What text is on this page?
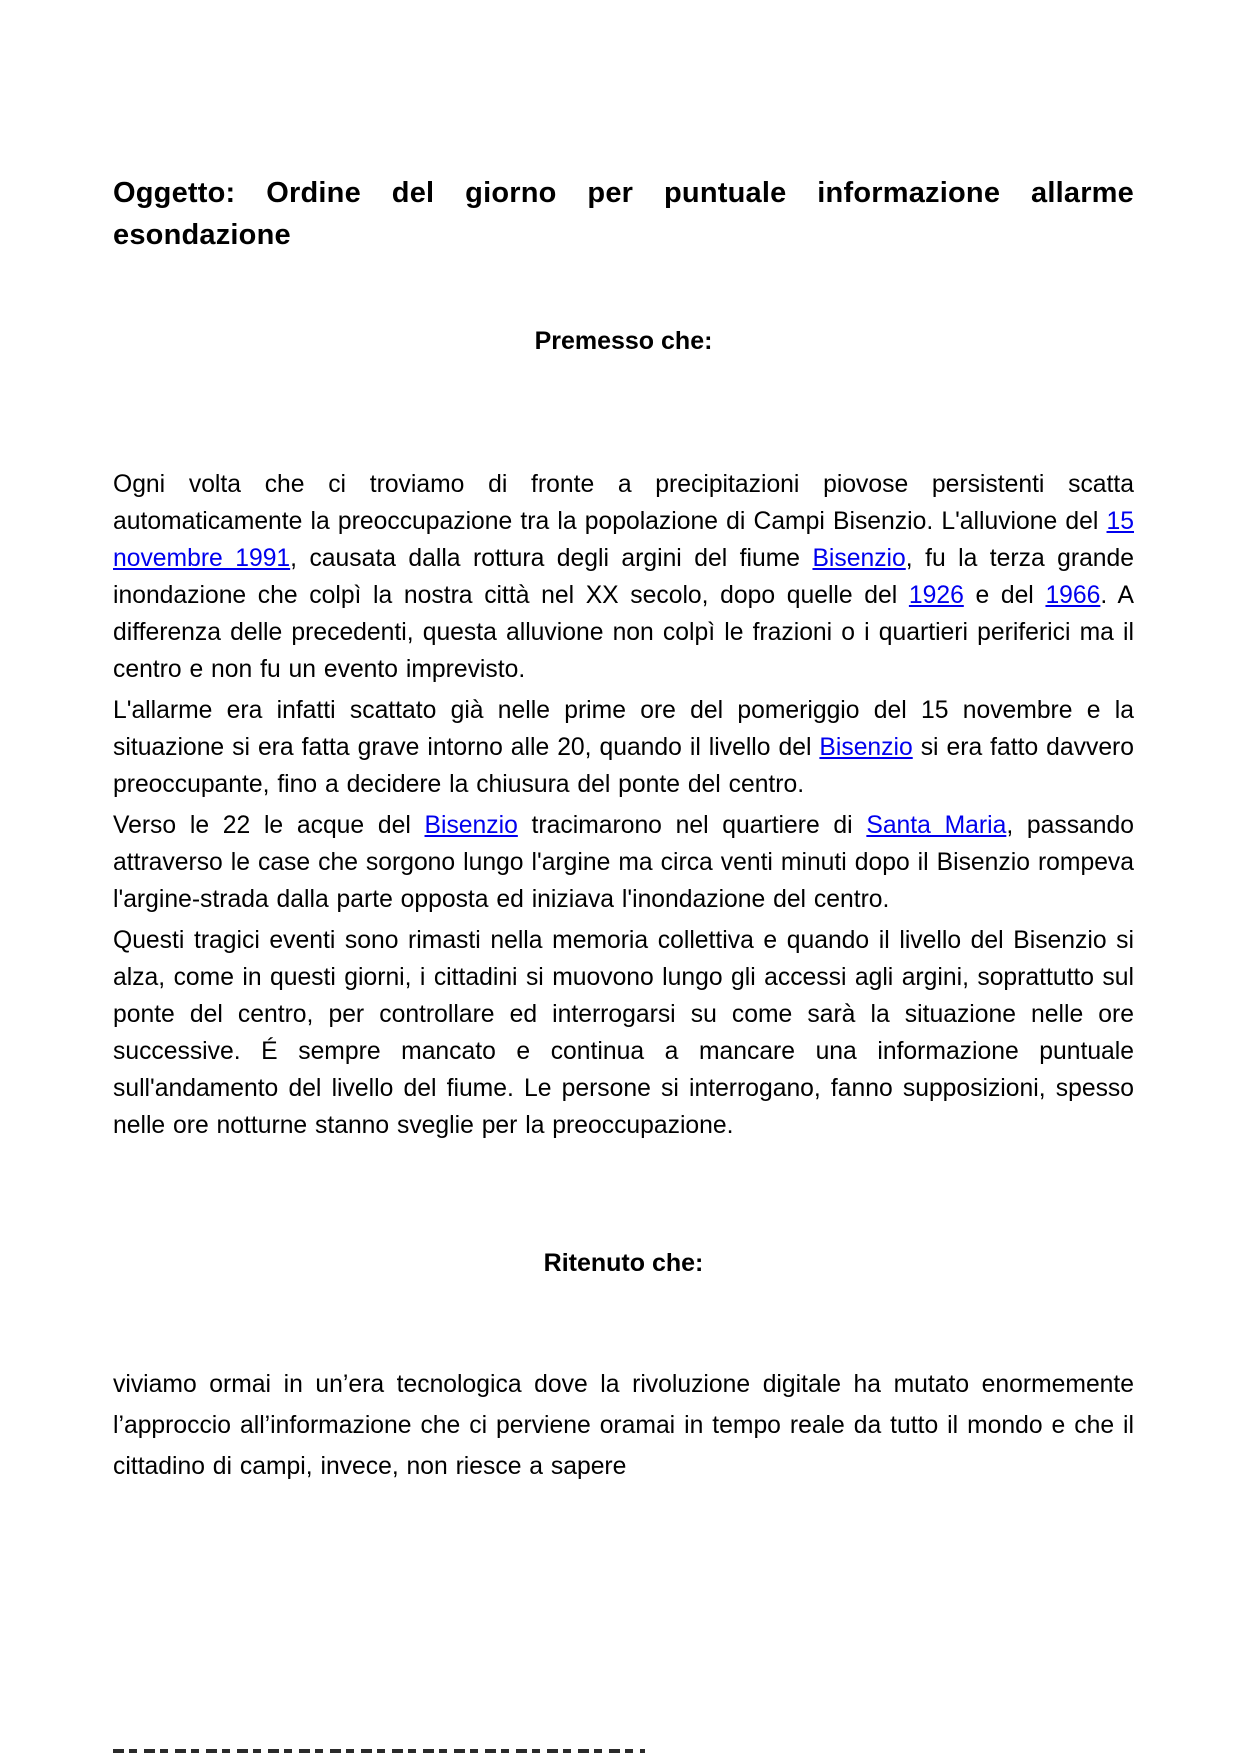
Oggetto: Ordine del giorno per puntuale informazione allarme esondazione
Premesso che:

Ogni volta che ci troviamo di fronte a precipitazioni piovose persistenti scatta automaticamente la preoccupazione tra la popolazione di Campi Bisenzio. L'alluvione del 15 novembre 1991, causata dalla rottura degli argini del fiume Bisenzio, fu la terza grande inondazione che colpì la nostra città nel XX secolo, dopo quelle del 1926 e del 1966. A differenza delle precedenti, questa alluvione non colpì le frazioni o i quartieri periferici ma il centro e non fu un evento imprevisto.

L'allarme era infatti scattato già nelle prime ore del pomeriggio del 15 novembre e la situazione si era fatta grave intorno alle 20, quando il livello del Bisenzio si era fatto davvero preoccupante, fino a decidere la chiusura del ponte del centro.

Verso le 22 le acque del Bisenzio tracimarono nel quartiere di Santa Maria, passando attraverso le case che sorgono lungo l'argine ma circa venti minuti dopo il Bisenzio rompeva l'argine-strada dalla parte opposta ed iniziava l'inondazione del centro.

Questi tragici eventi sono rimasti nella memoria collettiva e quando il livello del Bisenzio si alza, come in questi giorni, i cittadini si muovono lungo gli accessi agli argini, soprattutto sul ponte del centro, per controllare ed interrogarsi su come sarà la situazione nelle ore successive. É sempre mancato e continua a mancare una informazione puntuale sull'andamento del livello del fiume. Le persone si interrogano, fanno supposizioni, spesso nelle ore notturne stanno sveglie per la preoccupazione.

Ritenuto che:

viviamo ormai in un’era tecnologica dove la rivoluzione digitale ha mutato enormemente l’approccio all’informazione che ci perviene oramai in tempo reale da tutto il mondo e che il cittadino di campi, invece, non riesce a sapere
